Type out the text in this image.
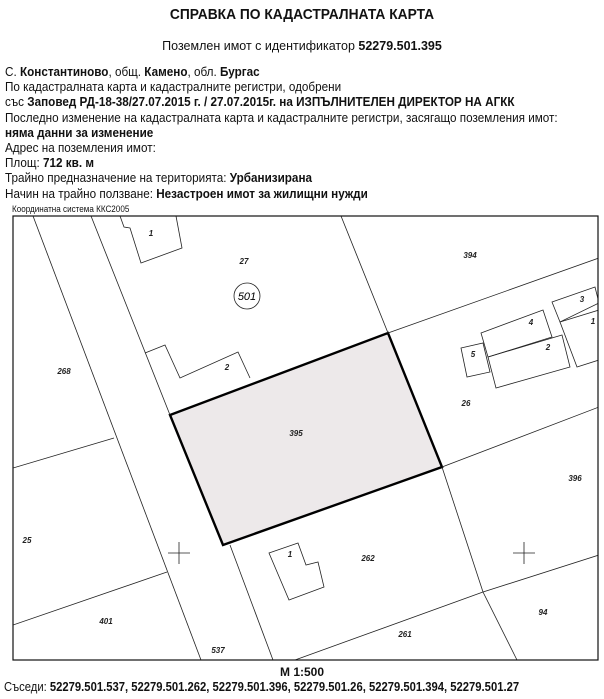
СПРАВКА ПО КАДАСТРАЛНАТА КАРТА
Поземлен имот с идентификатор 52279.501.395
С. Константиново, общ. Камено, обл. Бургас
По кадастралната карта и кадастралните регистри, одобрени
със Заповед РД-18-38/27.07.2015 г. / 27.07.2015г. на ИЗПЪЛНИТЕЛЕН ДИРЕКТОР НА АГКК
Последно изменение на кадастралната карта и кадастралните регистри, засягащо поземления имот:
няма данни за изменение
Адрес на поземления имот:
Площ: 712 кв. м
Трайно предназначение на територията: Урбанизирана
Начин на трайно ползване: Незастроен имот за жилищни нужди
Координатна система ККС2005
501
1
27
394
268	2
395
26
396
25
262
1
401
537
261
94
5
4
2
3
1
М 1:500
Съседи: 52279.501.537, 52279.501.262, 52279.501.396, 52279.501.26, 52279.501.394, 52279.501.27
